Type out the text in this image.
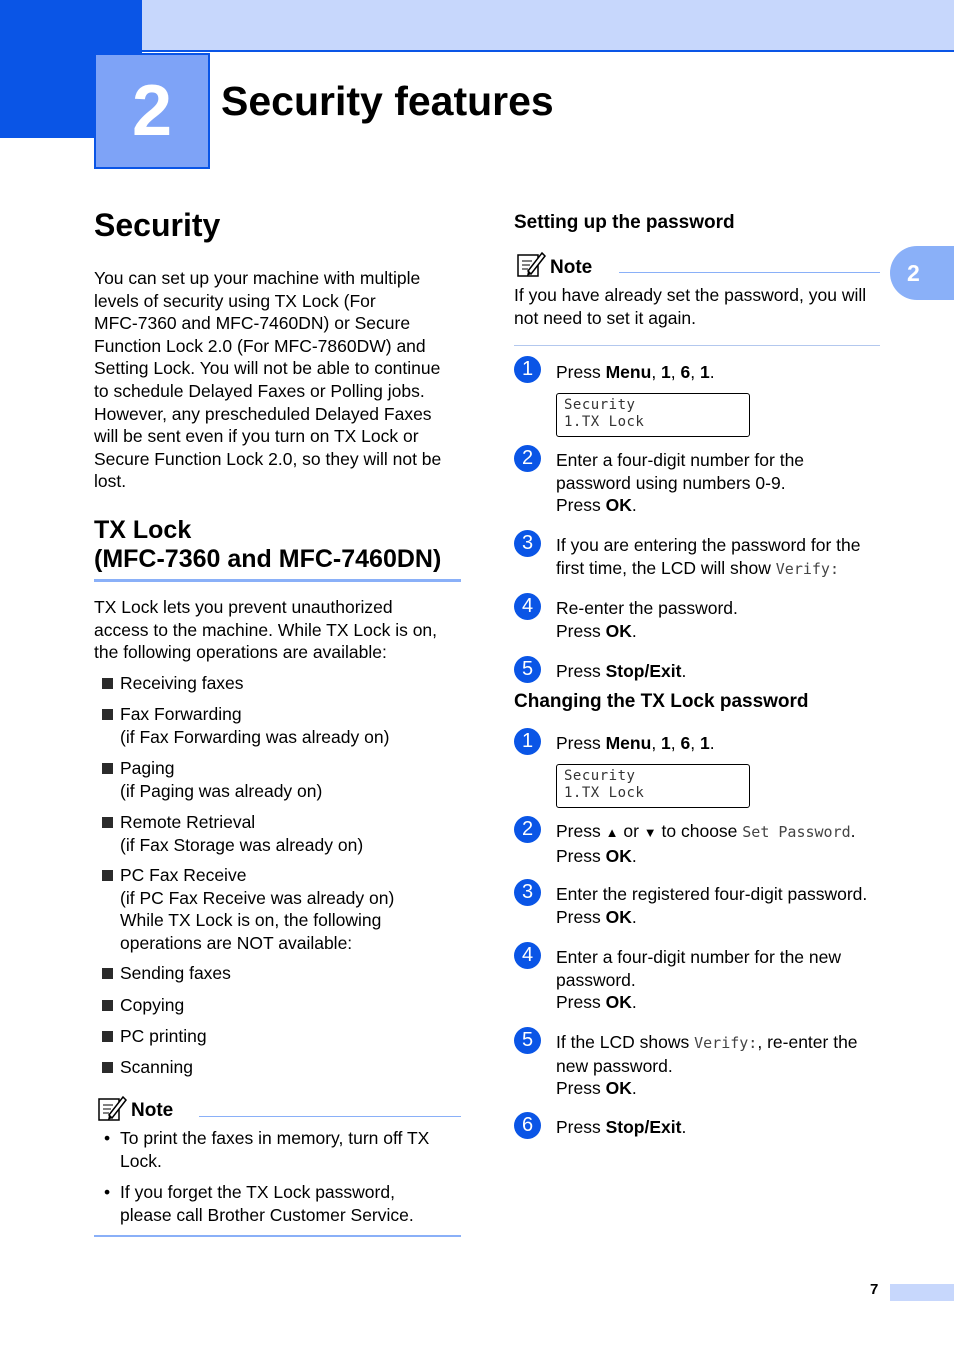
2	Security features
2
Security
You can set up your machine with multiple
levels of security using TX Lock (For
MFC-7360 and MFC-7460DN) or Secure
Function Lock 2.0 (For MFC-7860DW) and
Setting Lock. You will not be able to continue
to schedule Delayed Faxes or Polling jobs.
However, any prescheduled Delayed Faxes
will be sent even if you turn on TX Lock or
Secure Function Lock 2.0, so they will not be
lost.
TX Lock
(MFC-7360 and MFC-7460DN)
TX Lock lets you prevent unauthorized
access to the machine. While TX Lock is on,
the following operations are available:
Receiving faxes
Fax Forwarding
(if Fax Forwarding was already on)
Paging
(if Paging was already on)
Remote Retrieval
(if Fax Storage was already on)
PC Fax Receive
(if PC Fax Receive was already on)
While TX Lock is on, the following
operations are NOT available:
Sending faxes
Copying
PC printing
Scanning
Note
• To print the faxes in memory, turn off TX
Lock.
• If you forget the TX Lock password,
please call Brother Customer Service.
Setting up the password
Note
If you have already set the password, you will
not need to set it again.
1	Press Menu, 1, 6, 1.
Security
1.TX Lock
2	Enter a four-digit number for the
password using numbers 0-9.
Press OK.
3	If you are entering the password for the
first time, the LCD will show Verify:
4	Re-enter the password.
Press OK.
5	Press Stop/Exit.
Changing the TX Lock password
1	Press Menu, 1, 6, 1.
Security
1.TX Lock
2	Press ▲ or ▼ to choose Set Password.
Press OK.
3	Enter the registered four-digit password.
Press OK.
4	Enter a four-digit number for the new
password.
Press OK.
5	If the LCD shows Verify:, re-enter the
new password.
Press OK.
6	Press Stop/Exit.
7
